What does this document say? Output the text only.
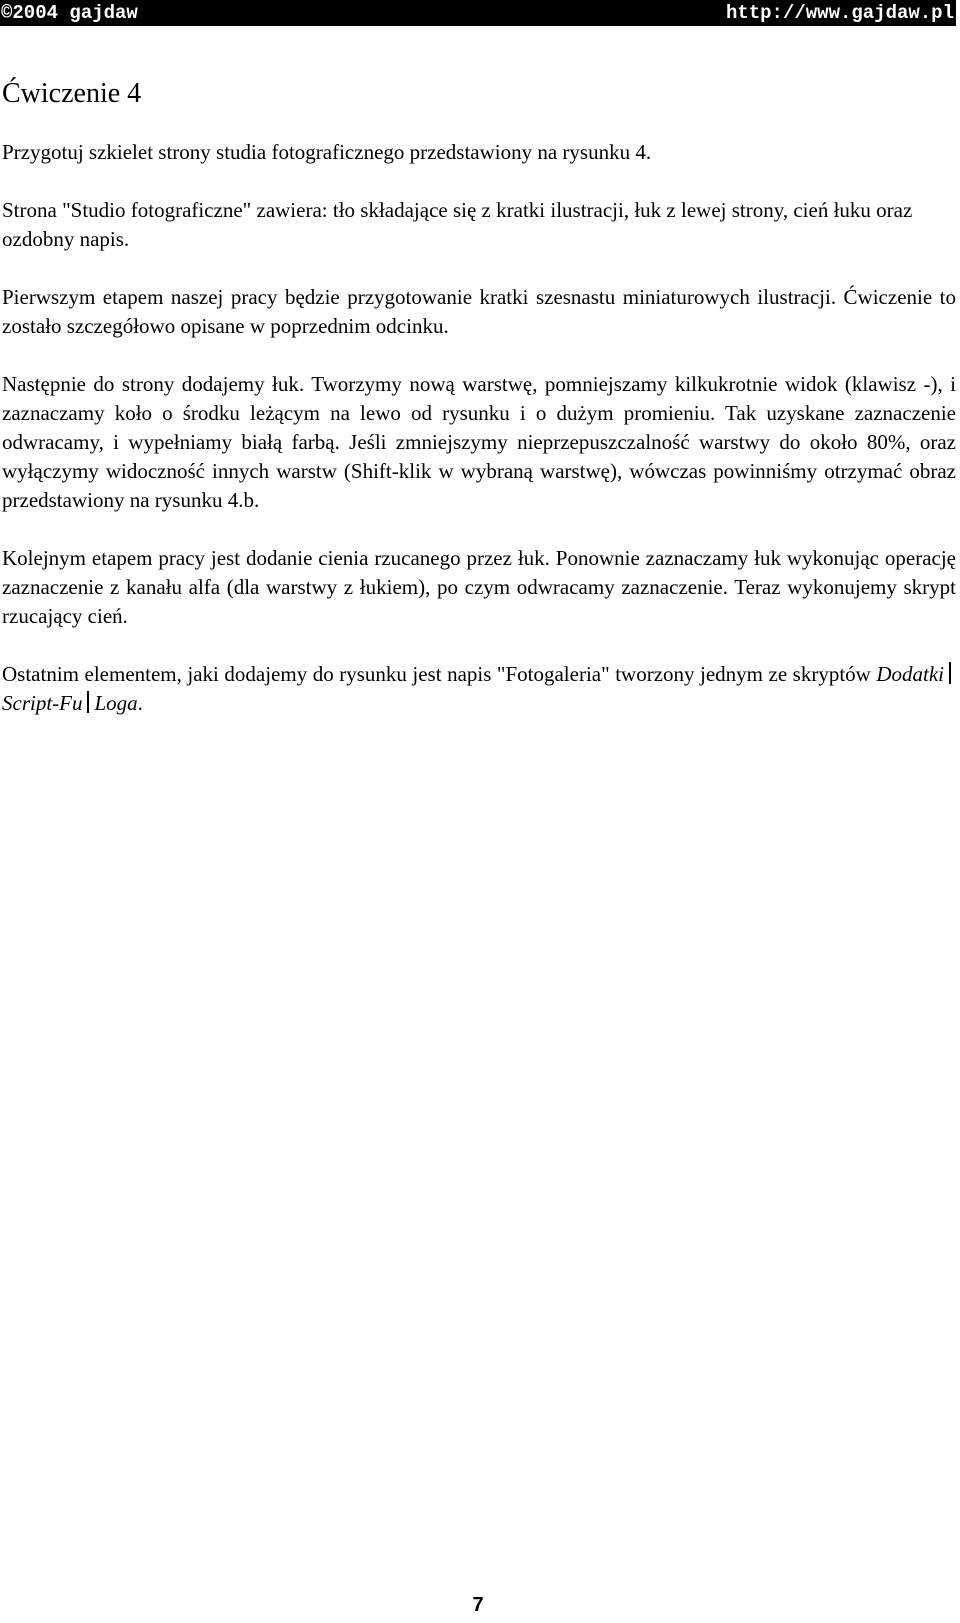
©2004 gajdaw	http://www.gajdaw.pl
Ćwiczenie 4

Przygotuj szkielet strony studia fotograficznego przedstawiony na rysunku 4.

Strona "Studio fotograficzne" zawiera: tło składające się z kratki ilustracji, łuk z lewej strony, cień łuku oraz ozdobny napis.

Pierwszym etapem naszej pracy będzie przygotowanie kratki szesnastu miniaturowych ilustracji. Ćwiczenie to zostało szczegółowo opisane w poprzednim odcinku.

Następnie do strony dodajemy łuk. Tworzymy nową warstwę, pomniejszamy kilkukrotnie widok (klawisz -), i zaznaczamy koło o środku leżącym na lewo od rysunku i o dużym promieniu. Tak uzyskane zaznaczenie odwracamy, i wypełniamy białą farbą. Jeśli zmniejszymy nieprzepuszczalność warstwy do około 80%, oraz wyłączymy widoczność innych warstw (Shift-klik w wybraną warstwę), wówczas powinniśmy otrzymać obraz przedstawiony na rysunku 4.b.

Kolejnym etapem pracy jest dodanie cienia rzucanego przez łuk. Ponownie zaznaczamy łuk wykonując operację zaznaczenie z kanału alfa (dla warstwy z łukiem), po czym odwracamy zaznaczenie. Teraz wykonujemy skrypt rzucający cień.

Ostatnim elementem, jaki dodajemy do rysunku jest napis "Fotogaleria" tworzony jednym ze skryptów DodatkiScript-Fu Loga.

7
